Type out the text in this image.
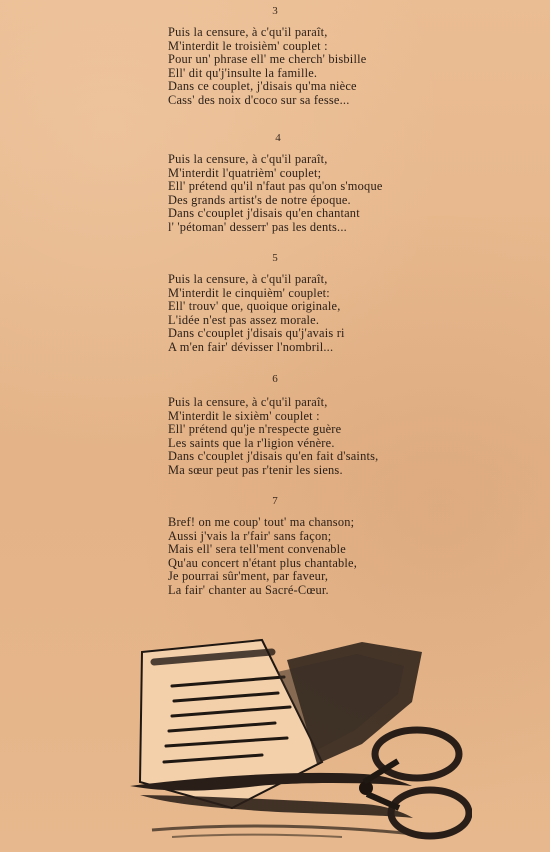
3
Puis la censure, à c'qu'il paraît,
M'interdit le troisièm' couplet :
Pour un' phrase ell' me cherch' bisbille
Ell' dit qu'j'insulte la famille.
Dans ce couplet, j'disais qu'ma nièce
Cass' des noix d'coco sur sa fesse...
4
Puis la censure, à c'qu'il paraît,
M'interdit l'quatrièm' couplet;
Ell' prétend qu'il n'faut pas qu'on s'moque
Des grands artist's de notre époque.
Dans c'couplet j'disais qu'en chantant
l' 'pétoman' desserr' pas les dents...
5
Puis la censure, à c'qu'il paraît,
M'interdit le cinquièm' couplet:
Ell' trouv' que, quoique originale,
L'idée n'est pas assez morale.
Dans c'couplet j'disais qu'j'avais ri
A m'en fair' dévisser l'nombril...
6
Puis la censure, à c'qu'il paraît,
M'interdit le sixièm' couplet :
Ell' prétend qu'je n'respecte guère
Les saints que la r'ligion vénère.
Dans c'couplet j'disais qu'en fait d'saints,
Ma sœur peut pas r'tenir les siens.
7
Bref! on me coup' tout' ma chanson;
Aussi j'vais la r'fair' sans façon;
Mais ell' sera tell'ment convenable
Qu'au concert n'étant plus chantable,
Je pourrai sûr'ment, par faveur,
La fair' chanter au Sacré-Cœur.
